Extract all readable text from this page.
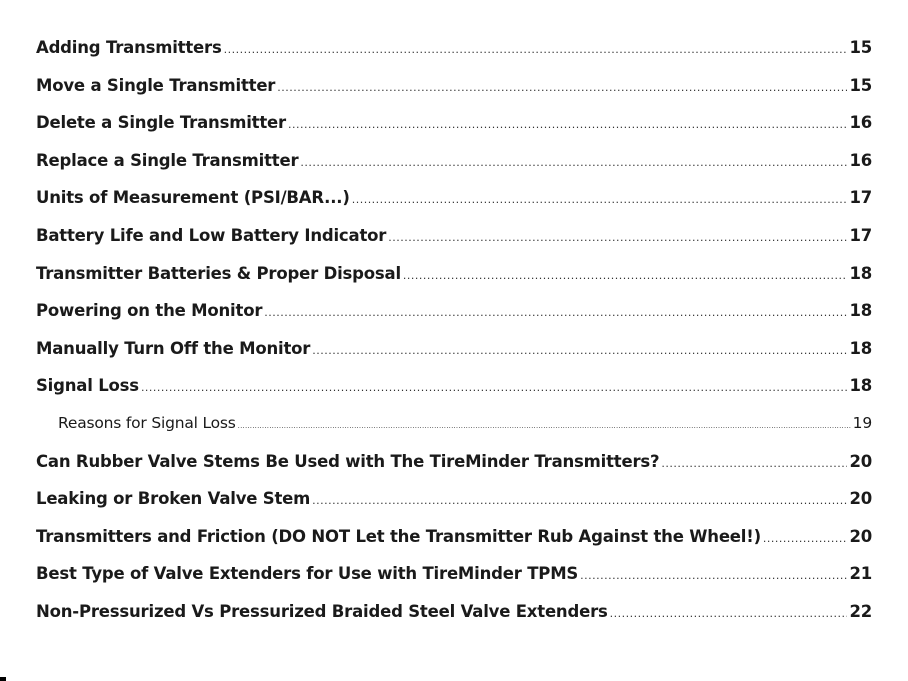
Adding Transmitters .....	15
Move a Single Transmitter .....	15
Delete a Single Transmitter .....	16
Replace a Single Transmitter .....	16
Units of Measurement (PSI/BAR...) .....	17
Battery Life and Low Battery Indicator .....	17
Transmitter Batteries & Proper Disposal .....	18
Powering on the Monitor .....	18
Manually Turn Off the Monitor .....	18
Signal Loss .....	18
Reasons for Signal Loss .....	19
Can Rubber Valve Stems Be Used with The TireMinder Transmitters? .....	20
Leaking or Broken Valve Stem .....	20
Transmitters and Friction (DO NOT Let the Transmitter Rub Against the Wheel!) .....	20
Best Type of Valve Extenders for Use with TireMinder TPMS .....	21
Non-Pressurized Vs Pressurized Braided Steel Valve Extenders .....	22
